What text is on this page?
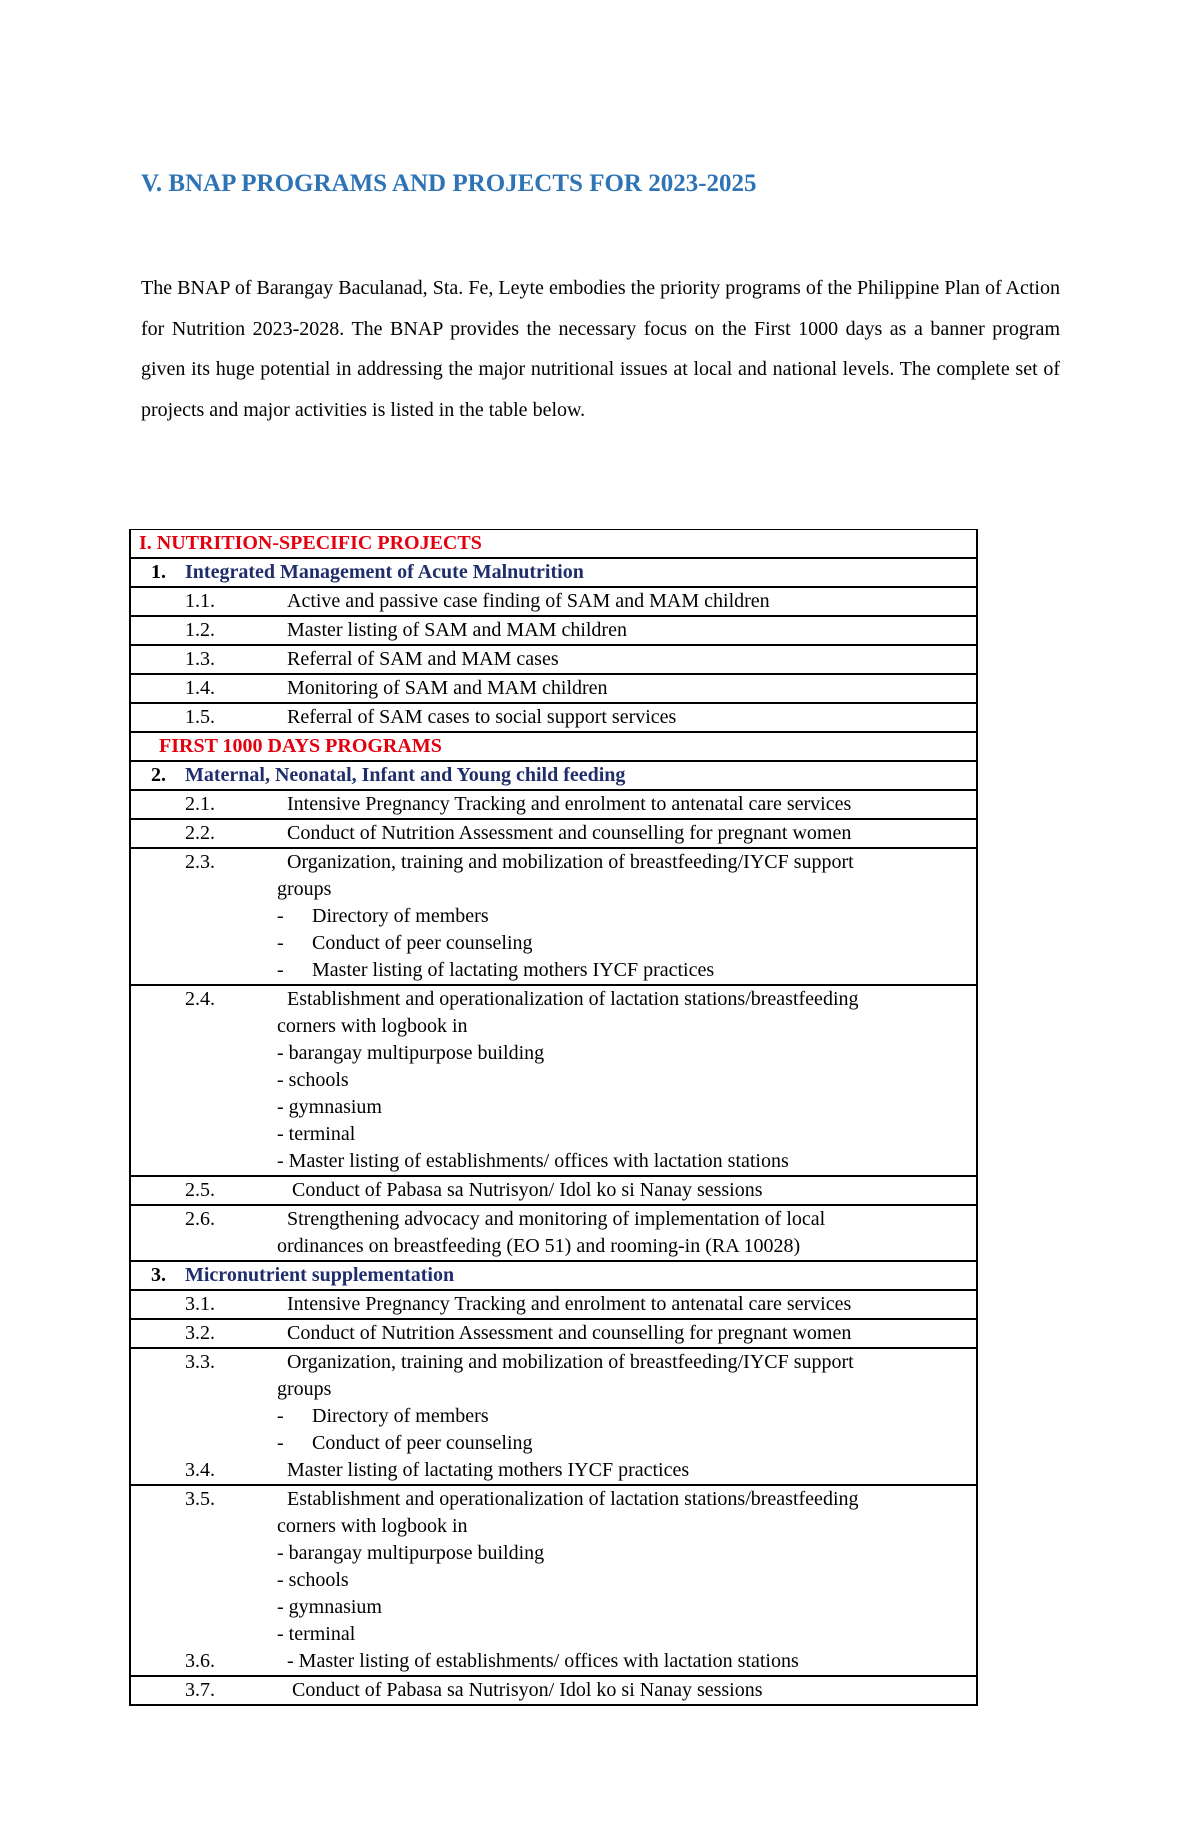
V. BNAP PROGRAMS AND PROJECTS FOR 2023-2025

The BNAP of Barangay Baculanad, Sta. Fe, Leyte embodies the priority programs of the Philippine Plan of Action for Nutrition 2023-2028. The BNAP provides the necessary focus on the First 1000 days as a banner program given its huge potential in addressing the major nutritional issues at local and national levels. The complete set of projects and major activities is listed in the table below.

I. NUTRITION-SPECIFIC PROJECTS
1. Integrated Management of Acute Malnutrition
1.1.	Active and passive case finding of SAM and MAM children
1.2.	Master listing of SAM and MAM children
1.3.	Referral of SAM and MAM cases
1.4.	Monitoring of SAM and MAM children
1.5.	Referral of SAM cases to social support services
FIRST 1000 DAYS PROGRAMS
2. Maternal, Neonatal, Infant and Young child feeding
2.1.	Intensive Pregnancy Tracking and enrolment to antenatal care services
2.2.	Conduct of Nutrition Assessment and counselling for pregnant women

2.3.	Organization, training and mobilization of breastfeeding/IYCF support
groups
- Directory of members
- Conduct of peer counseling
- Master listing of lactating mothers IYCF practices

2.4.	Establishment and operationalization of lactation stations/breastfeeding
corners with logbook in
- barangay multipurpose building
- schools
- gymnasium
- terminal
- Master listing of establishments/ offices with lactation stations

2.5.	Conduct of Pabasa sa Nutrisyon/ Idol ko si Nanay sessions

2.6.	Strengthening advocacy and monitoring of implementation of local
ordinances on breastfeeding (EO 51) and rooming-in (RA 10028)

3. Micronutrient supplementation
3.1.	Intensive Pregnancy Tracking and enrolment to antenatal care services
3.2.	Conduct of Nutrition Assessment and counselling for pregnant women

3.3.	Organization, training and mobilization of breastfeeding/IYCF support
groups
- Directory of members
- Conduct of peer counseling
3.4.	Master listing of lactating mothers IYCF practices

3.5.	Establishment and operationalization of lactation stations/breastfeeding
corners with logbook in
- barangay multipurpose building
- schools
- gymnasium
- terminal
3.6.	- Master listing of establishments/ offices with lactation stations

3.7.	Conduct of Pabasa sa Nutrisyon/ Idol ko si Nanay sessions
